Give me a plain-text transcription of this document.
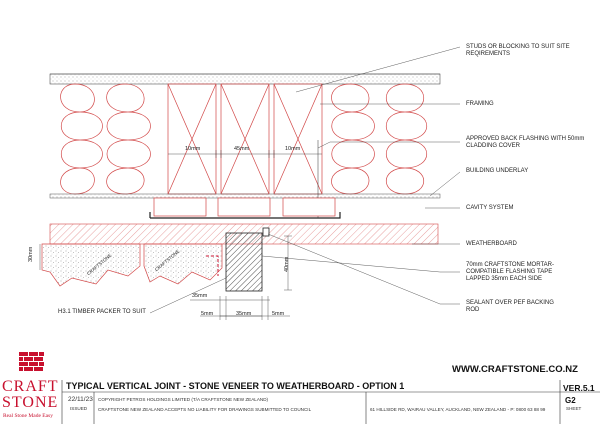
STUDS OR BLOCKING TO SUIT SITE REQIREMENTS
FRAMING
APPROVED BACK FLASHING WITH 50mm CLADDING COVER
BUILDING UNDERLAY
CAVITY SYSTEM
WEATHERBOARD
70mm CRAFTSTONE MORTAR-COMPATIBLE FLASHING TAPE LAPPED 35mm EACH SIDE
SEALANT OVER PEF BACKING ROD
H3.1 TIMBER PACKER TO SUIT
10mm	45mm	10mm
30mm
40mm
35mm
5mm	35mm	5mm
CRAFTSTONE	CRAFTSTONE
WWW.CRAFTSTONE.CO.NZ
CRAFT
STONE
Real Stone Made Easy
TYPICAL VERTICAL JOINT - STONE VENEER TO WEATHERBOARD - OPTION 1
22/11/23
ISSUED
COPYRIGHT PETROS HOLDINGS LIMITED (T/A CRAFTSTONE NEW ZEALAND)
CRAFTSTONE NEW ZEALAND ACCEPTS NO LIABILITY FOR DRAWINGS SUBMITTED TO COUNCIL	61 HILLSIDE RD, WAIRAU VALLEY, AUCKLAND, NEW ZEALAND - P: 0800 63 88 99
VER.5.1
G2
SHEET
